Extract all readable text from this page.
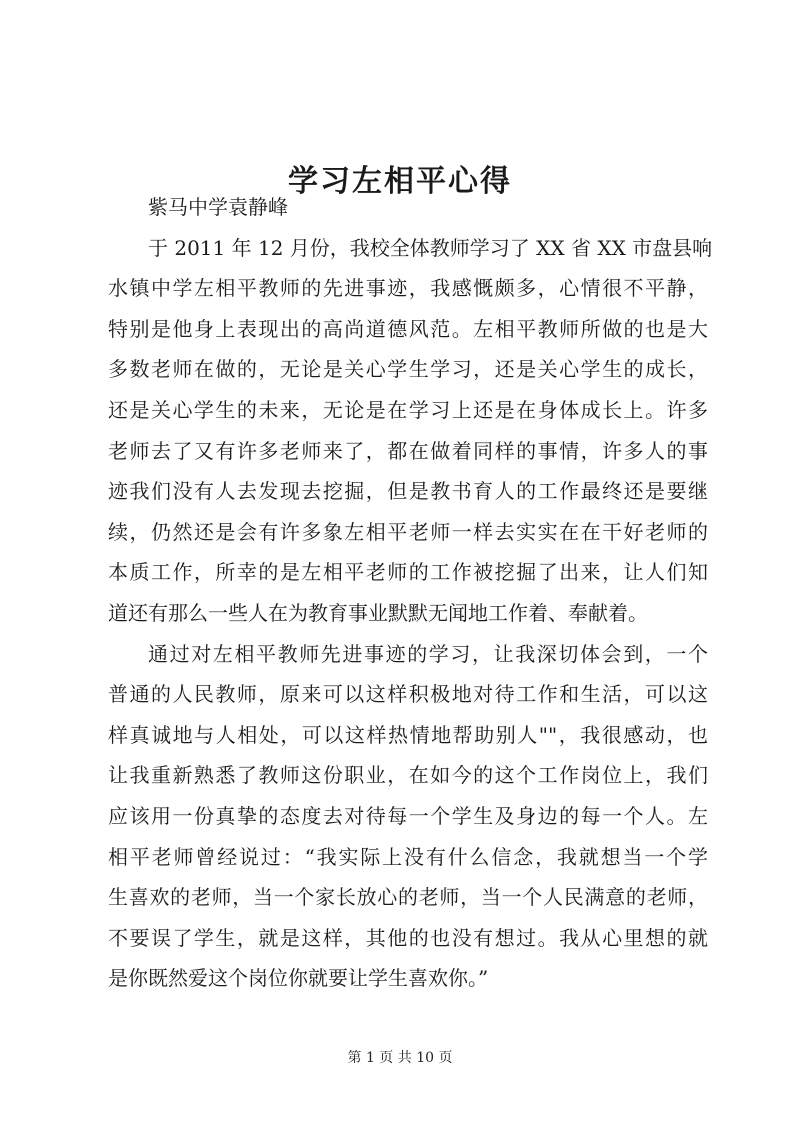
学习左相平心得

紫马中学袁静峰

于 2011 年 12 月份，我校全体教师学习了 XX 省 XX 市盘县响

水镇中学左相平教师的先进事迹，我感慨颇多，心情很不平静，

特别是他身上表现出的高尚道德风范。左相平教师所做的也是大

多数老师在做的，无论是关心学生学习，还是关心学生的成长，

还是关心学生的未来，无论是在学习上还是在身体成长上。许多

老师去了又有许多老师来了，都在做着同样的事情，许多人的事

迹我们没有人去发现去挖掘，但是教书育人的工作最终还是要继

续，仍然还是会有许多象左相平老师一样去实实在在干好老师的

本质工作，所幸的是左相平老师的工作被挖掘了出来，让人们知

道还有那么一些人在为教育事业默默无闻地工作着、奉献着。

通过对左相平教师先进事迹的学习，让我深切体会到，一个

普通的人民教师，原来可以这样积极地对待工作和生活，可以这

样真诚地与人相处，可以这样热情地帮助别人""，我很感动，也

让我重新熟悉了教师这份职业，在如今的这个工作岗位上，我们

应该用一份真挚的态度去对待每一个学生及身边的每一个人。左

相平老师曾经说过：“我实际上没有什么信念，我就想当一个学

生喜欢的老师，当一个家长放心的老师，当一个人民满意的老师，

不要误了学生，就是这样，其他的也没有想过。我从心里想的就

是你既然爱这个岗位你就要让学生喜欢你。”

第 1 页 共 10 页
